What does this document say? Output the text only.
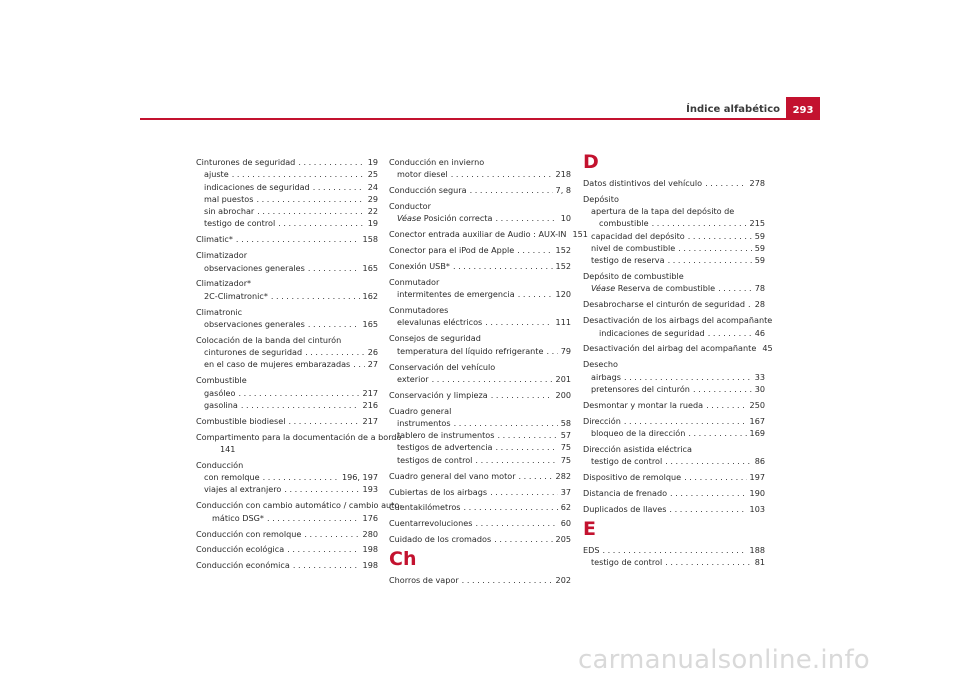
Índice alfabético	293
Cinturones de seguridad . . .	19
ajuste . . .	25
indicaciones de seguridad . . .	24
mal puestos . . .	29
sin abrochar . . .	22
testigo de control . . .	19
Climatic* . . .	158
Climatizador
observaciones generales . . .	165
Climatizador*
2C-Climatronic* . . .	162
Climatronic
observaciones generales . . .	165
Colocación de la banda del cinturón
cinturones de seguridad . . .	26
en el caso de mujeres embarazadas . . . 27
Combustible
gasóleo . . .	217
gasolina . . .	216
Combustible biodiesel . . .	217
Compartimento para la documentación de a bordo
141
Conducción
con remolque . . .	196, 197
viajes al extranjero . . .	193
Conducción con cambio automático / cambio auto-
mático DSG* . . .	176
Conducción con remolque . . .	280
Conducción ecológica . . .	198
Conducción económica . . .	198
Conducción en invierno
motor diesel . . .	218
Conducción segura . . .	7, 8
Conductor
Véase Posición correcta . . .	10
Conector entrada auxiliar de Audio : AUX-IN 151
Conector para el iPod de Apple . . .	152
Conexión USB* . . .	152
Conmutador
intermitentes de emergencia . . .	120
Conmutadores
elevalunas eléctricos . . .	111
Consejos de seguridad
temperatura del líquido refrigerante . . . 79
Conservación del vehículo
exterior . . .	201
Conservación y limpieza . . .	200
Cuadro general
instrumentos . . .	58
tablero de instrumentos . . .	57
testigos de advertencia . . .	75
testigos de control . . .	75
Cuadro general del vano motor . . .	282
Cubiertas de los airbags . . .	37
Cuentakilómetros . . .	62
Cuentarrevoluciones . . .	60
Cuidado de los cromados . . .	205
Ch
Chorros de vapor . . .	202
D
Datos distintivos del vehículo . . .	278
Depósito
apertura de la tapa del depósito de
combustible . . .	215
capacidad del depósito . . .	59
nivel de combustible . . .	59
testigo de reserva . . .	59
Depósito de combustible
Véase Reserva de combustible . . .	78
Desabrocharse el cinturón de seguridad . . . 28
Desactivación de los airbags del acompañante
indicaciones de seguridad . . .	46
Desactivación del airbag del acompañante 45
Desecho
airbags . . .	33
pretensores del cinturón . . .	30
Desmontar y montar la rueda . . .	250
Dirección . . .	167
bloqueo de la dirección . . .	169
Dirección asistida eléctrica
testigo de control . . .	86
Dispositivo de remolque . . .	197
Distancia de frenado . . .	190
Duplicados de llaves . . .	103
E
EDS . . .	188
testigo de control . . .	81
carmanualsonline.info
